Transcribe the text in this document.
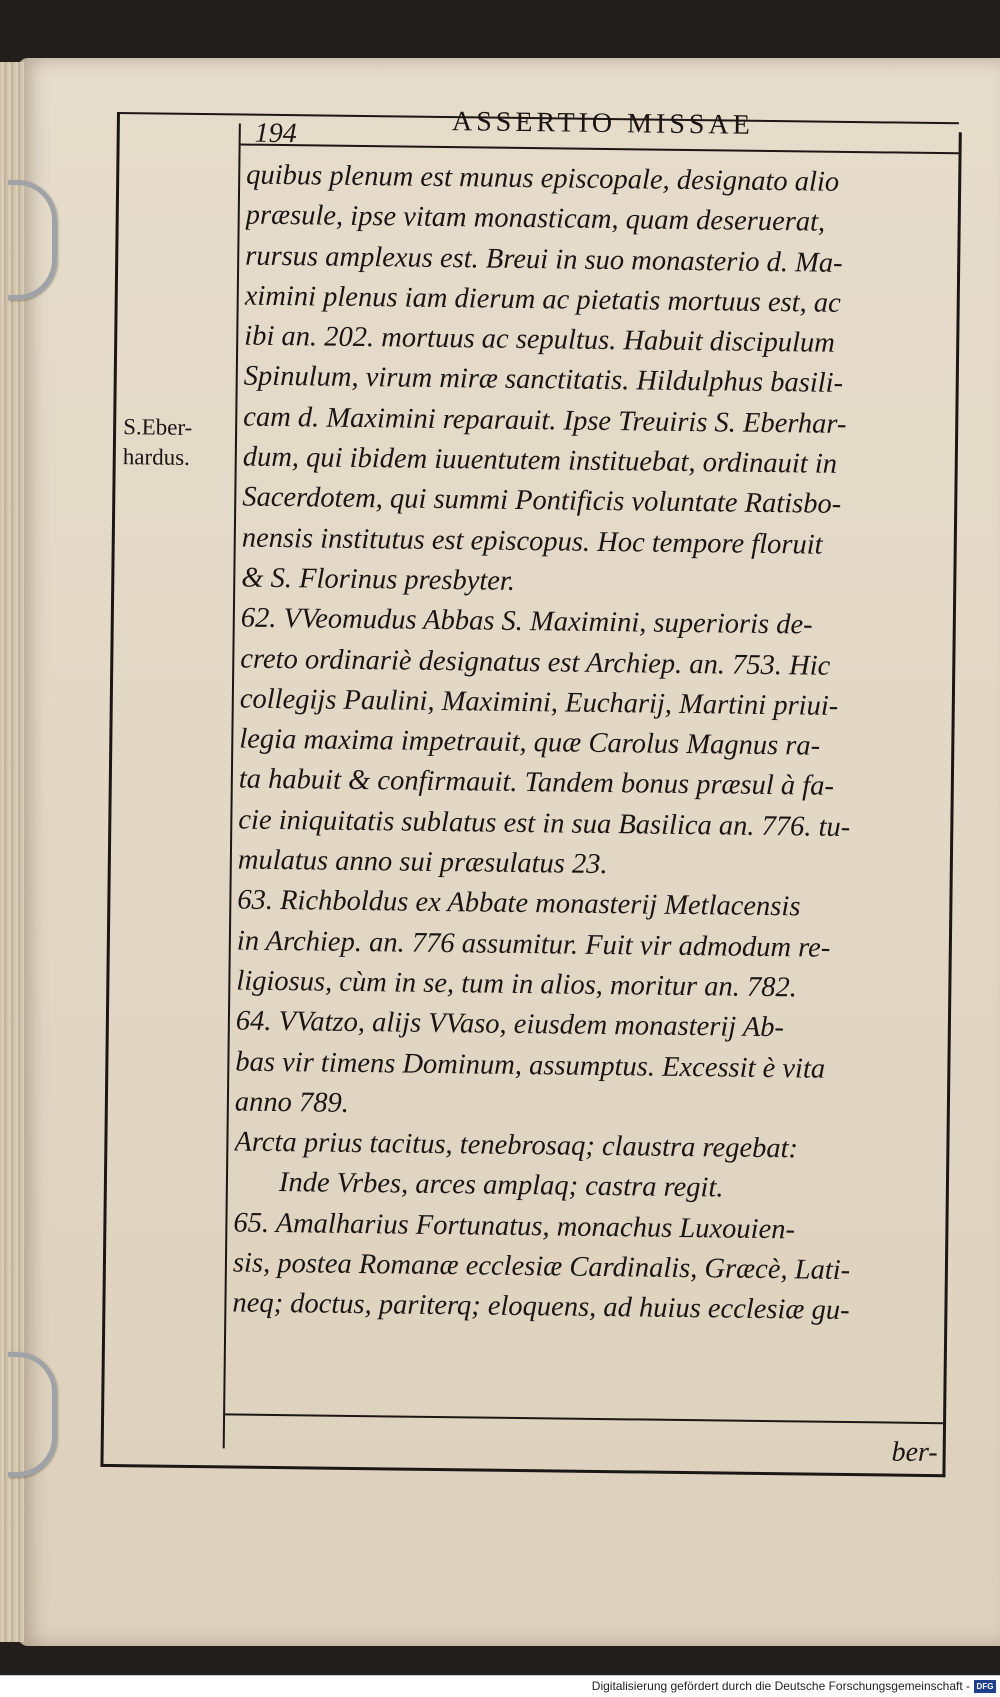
194	ASSERTIO MISSAE
S.Eber-
hardus.
quibus plenum est munus episcopale, designato alio
præsule, ipse vitam monasticam, quam deseruerat,
rursus amplexus est. Breui in suo monasterio d. Ma-
ximini plenus iam dierum ac pietatis mortuus est, ac
ibi an. 202. mortuus ac sepultus. Habuit discipulum
Spinulum, virum miræ sanctitatis. Hildulphus basili-
cam d. Maximini reparauit. Ipse Treuiris S. Eberhar-
dum, qui ibidem iuuentutem instituebat, ordinauit in
Sacerdotem, qui summi Pontificis voluntate Ratisbo-
nensis institutus est episcopus. Hoc tempore floruit
& S. Florinus presbyter.
62. VVeomudus Abbas S. Maximini, superioris de-
creto ordinariè designatus est Archiep. an. 753. Hic
collegijs Paulini, Maximini, Eucharij, Martini priui-
legia maxima impetrauit, quæ Carolus Magnus ra-
ta habuit & confirmauit. Tandem bonus præsul à fa-
cie iniquitatis sublatus est in sua Basilica an. 776. tu-
mulatus anno sui præsulatus 23.
63. Richboldus ex Abbate monasterij Metlacensis
in Archiep. an. 776 assumitur. Fuit vir admodum re-
ligiosus, cùm in se, tum in alios, moritur an. 782.
64. VVatzo, alijs VVaso, eiusdem monasterij Ab-
bas vir timens Dominum, assumptus. Excessit è vita
anno 789.
Arcta prius tacitus, tenebrosaq; claustra regebat:
Inde Vrbes, arces amplaq; castra regit.
65. Amalharius Fortunatus, monachus Luxouien-
sis, postea Romanæ ecclesiæ Cardinalis, Græcè, Lati-
neq; doctus, pariterq; eloquens, ad huius ecclesiæ gu-
ber-
Digitalisierung gefördert durch die Deutsche Forschungsgemeinschaft - DFG
